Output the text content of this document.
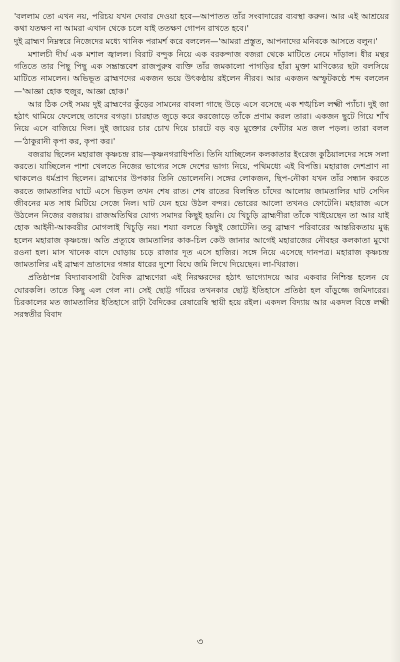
'বললাম তো এখন নয়, পরিচয় যখন দেবার দেওয়া হবে—আপাতত তাঁর সংবাদারের ব্যবস্থা করুন। আর এই আশ্রয়ের কথা যতক্ষণ না আমরা এখান থেকে চলে যাই ততক্ষণ গোপন রাখতে হবে।'
দুই ব্রাহ্মণ নিম্নস্বরে নিজেদের মধ্যে খানিক পরামর্শ করে বললেন—'আমরা প্রস্তুত, আপনাদের মনিবকে আসতে বলুন।'

মশালচী দীর্ঘ এক মশাল জ্বালল। বিরাট বন্দুক নিয়ে এক বরকন্দাজ বজরা থেকে মাটিতে নেমে দাঁড়াল। ধীর মন্থর গতিতে তার পিছু পিছু এক সম্ভ্রান্তবেশ রাজপুরুষ ব্যক্তি তাঁর জমকালো পাগড়ির হাঁরা মুক্তা মাণিক্যের ছটা বলসিয়ে মাটিতে নামলেন। অভিভূত ব্রাহ্মণদের একজন ভয়ে উৎকণ্ঠায় রইলেন নীরব। আর একজন অস্ফুটকণ্ঠে শব্দ বললেন—'আজ্ঞা হোক হুজুর, আজ্ঞা হোক।'

আর ঠিক সেই সময় দুই ব্রাহ্মণের কুঁড়ের সামনের বাবলা গাছে উড়ে এসে বসেছে এক শঙ্খচিল লক্ষ্মী প্যাঁচা। দুই জা হঠাৎ থামিয়ে ফেলেছে তাদের বগড়া। চারহাত জুড়ে করে করজোড়ে তাঁকে প্রণাম করল তারা। একজন ছুটে গিয়ে শাঁখ নিয়ে এসে বাজিয়ে দিল। দুই জায়ের চার চোখ দিয়ে চারটে বড় বড় মুক্তোর ফোঁটার মত জল পড়ল। তারা বলল—'ঠাকুরানী কৃপা কর, কৃপা কর।'

বজরায় ছিলেন মহারাজ কৃষ্ণচন্দ্র রায়—কৃষ্ণনগরাধিপতি। তিনি যাচ্ছিলেন কলকাতার ইংরেজ কুঠিয়ালদের সঙ্গে সলা করতে। যাচ্ছিলেন পাশা খেলতে নিজের ভাগ্যের সঙ্গে দেশের ভাগ্য নিয়ে, পথিমধ্যে এই বিপত্তি। মহারাজ দেশপ্রাণ না থাকলেও ধর্মপ্রাণ ছিলেন। ব্রাহ্মণের উপকার তিনি ভোলেননি। সঙ্গের লোকজন, ছিপ-নৌকা যখন তাঁর সন্ধান করতে করতে জামতালির ঘাটে এসে ভিড়ল তখন শেষ রাত। শেষ রাতের বিলম্বিত চাঁদের আলোয় জামতালির ঘাট সেদিন জীবনের মত সাধ মিটিয়ে সেজে নিল। ঘাট যেন হয়ে উঠল বন্দর। ভোরের আলো তখনও ফোটেনি। মহারাজ এসে উঠলেন নিজের বজরায়। রাজঅতিথির যোগ্য সমাদর কিছুই হয়নি। যে খিচুড়ি ব্রাহ্মণীরা তাঁকে খাইয়েছেন তা আর যাই হোক আইনী-আকবরীর মোগলাই খিচুড়ি নয়। শয্যা বলতে কিছুই জোটেনি। তবু ব্রাহ্মণ পরিবারের আন্তরিকতায় মুগ্ধ হলেন মহারাজ কৃষ্ণচন্দ্র। অতি প্রত্যূষে জামতালির কাক-চিল কেউ জানার আগেই মহারাজের নৌবহর কলকাতা মুখো রওনা হল। মাস খানেক বাদে ঘোড়ায় চড়ে রাজার দূত এসে হাজির। সঙ্গে নিয়ে এসেছে দানপত্র। মহারাজ কৃষ্ণচন্দ্র জামতালির এই ব্রাহ্মণ ভ্রাতাদের গঙ্গার ধারের দুশো বিঘে জমি লিখে দিয়েছেন। লা-খিরাজ।

প্রতিষ্ঠাপন্ন বিদ্যাব্যবসায়ী বৈদিক ব্রাহ্মণেরা এই নিরক্ষরদের হঠাৎ ভাগ্যোদয়ে আর একবার নিশ্চিন্ত হলেন যে ঘোরকলি। তাতে কিছু এল গেল না। সেই ছোট্ট গাঁয়ের তখনকার ছোট্ট ইতিহাসে প্রতিষ্ঠা হল বাঁড়ুজ্জে জমিদারের। চিরকালের মত জামতালির ইতিহাসে রাঢ়ী বৈদিকের রেষারেষি স্থায়ী হয়ে রইল। একদল বিদ্যায় আর একদল বিত্তে লক্ষ্মী সরস্বতীর বিবাদ

৩
